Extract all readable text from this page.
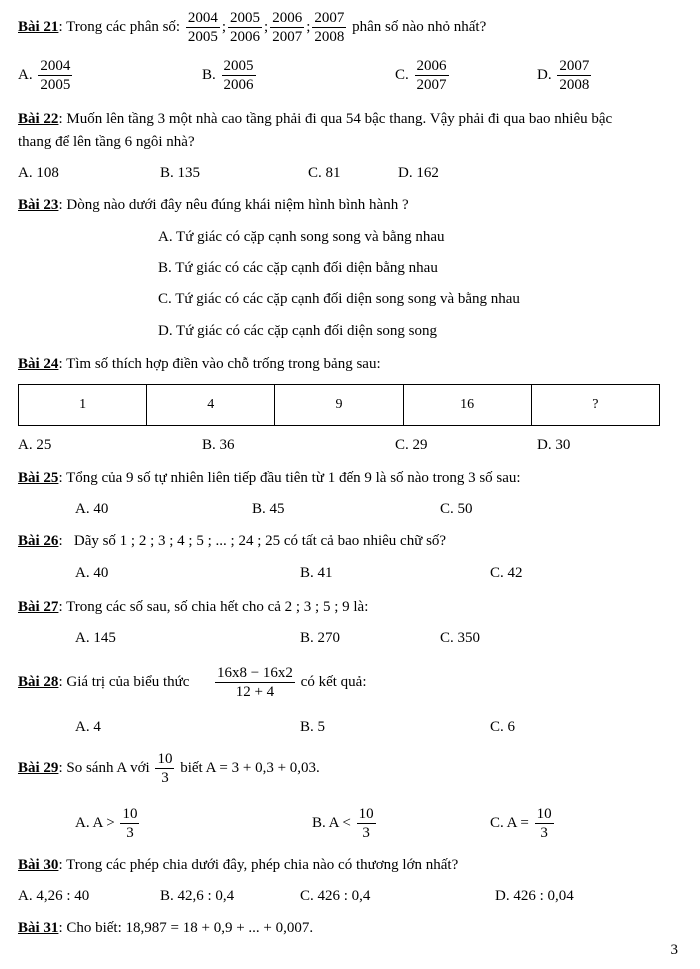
Bài 21: Trong các phân số: $\frac{2004}{2005}$ ; $\frac{2005}{2006}$ ; $\frac{2006}{2007}$ ; $\frac{2007}{2008}$ phân số nào nhỏ nhất?
A. $\frac{2004}{2005}$	B. $\frac{2005}{2006}$	C. $\frac{2006}{2007}$	D. $\frac{2007}{2008}$
Bài 22: Muốn lên tầng 3 một nhà cao tầng phải đi qua 54 bậc thang. Vậy phải đi qua bao nhiêu bậc
thang để lên tầng 6 ngôi nhà?
A. 108	B. 135	C. 81	D. 162
Bài 23: Dòng nào dưới đây nêu đúng khái niệm hình bình hành ?
A. Tứ giác có cặp cạnh song song và bằng nhau
B. Tứ giác có các cặp cạnh đối diện bằng nhau
C. Tứ giác có các cặp cạnh đối diện song song và bằng nhau
D. Tứ giác có các cặp cạnh đối diện song song
Bài 24: Tìm số thích hợp điền vào chỗ trống trong bảng sau:
1	4	9	16	?
A. 25	B. 36	C. 29	D. 30
Bài 25: Tổng của 9 số tự nhiên liên tiếp đầu tiên từ 1 đến 9 là số nào trong 3 số sau:
A. 40	B. 45	C. 50
Bài 26:   Dãy số 1 ; 2 ; 3 ; 4 ; 5 ; ... ; 24 ; 25 có tất cả bao nhiêu chữ số?
A. 40	B. 41	C. 42
Bài 27: Trong các số sau, số chia hết cho cả 2 ; 3 ; 5 ; 9 là:
A. 145	B. 270	C. 350
Bài 28: Giá trị của biểu thức $\frac{16x8 - 16x2}{12 + 4}$ có kết quả:
A. 4	B. 5	C. 6
Bài 29: So sánh A với $\frac{10}{3}$ biết A = 3 + 0,3 + 0,03.
A. $A > \frac{10}{3}$	B. $A < \frac{10}{3}$	C. $A = \frac{10}{3}$
Bài 30: Trong các phép chia dưới đây, phép chia nào có thương lớn nhất?
A. 4,26 : 40	B. 42,6 : 0,4	C. 426 : 0,4	D. 426 : 0,04
Bài 31: Cho biết: 18,987 = 18 + 0,9 + ... + 0,007.
3
